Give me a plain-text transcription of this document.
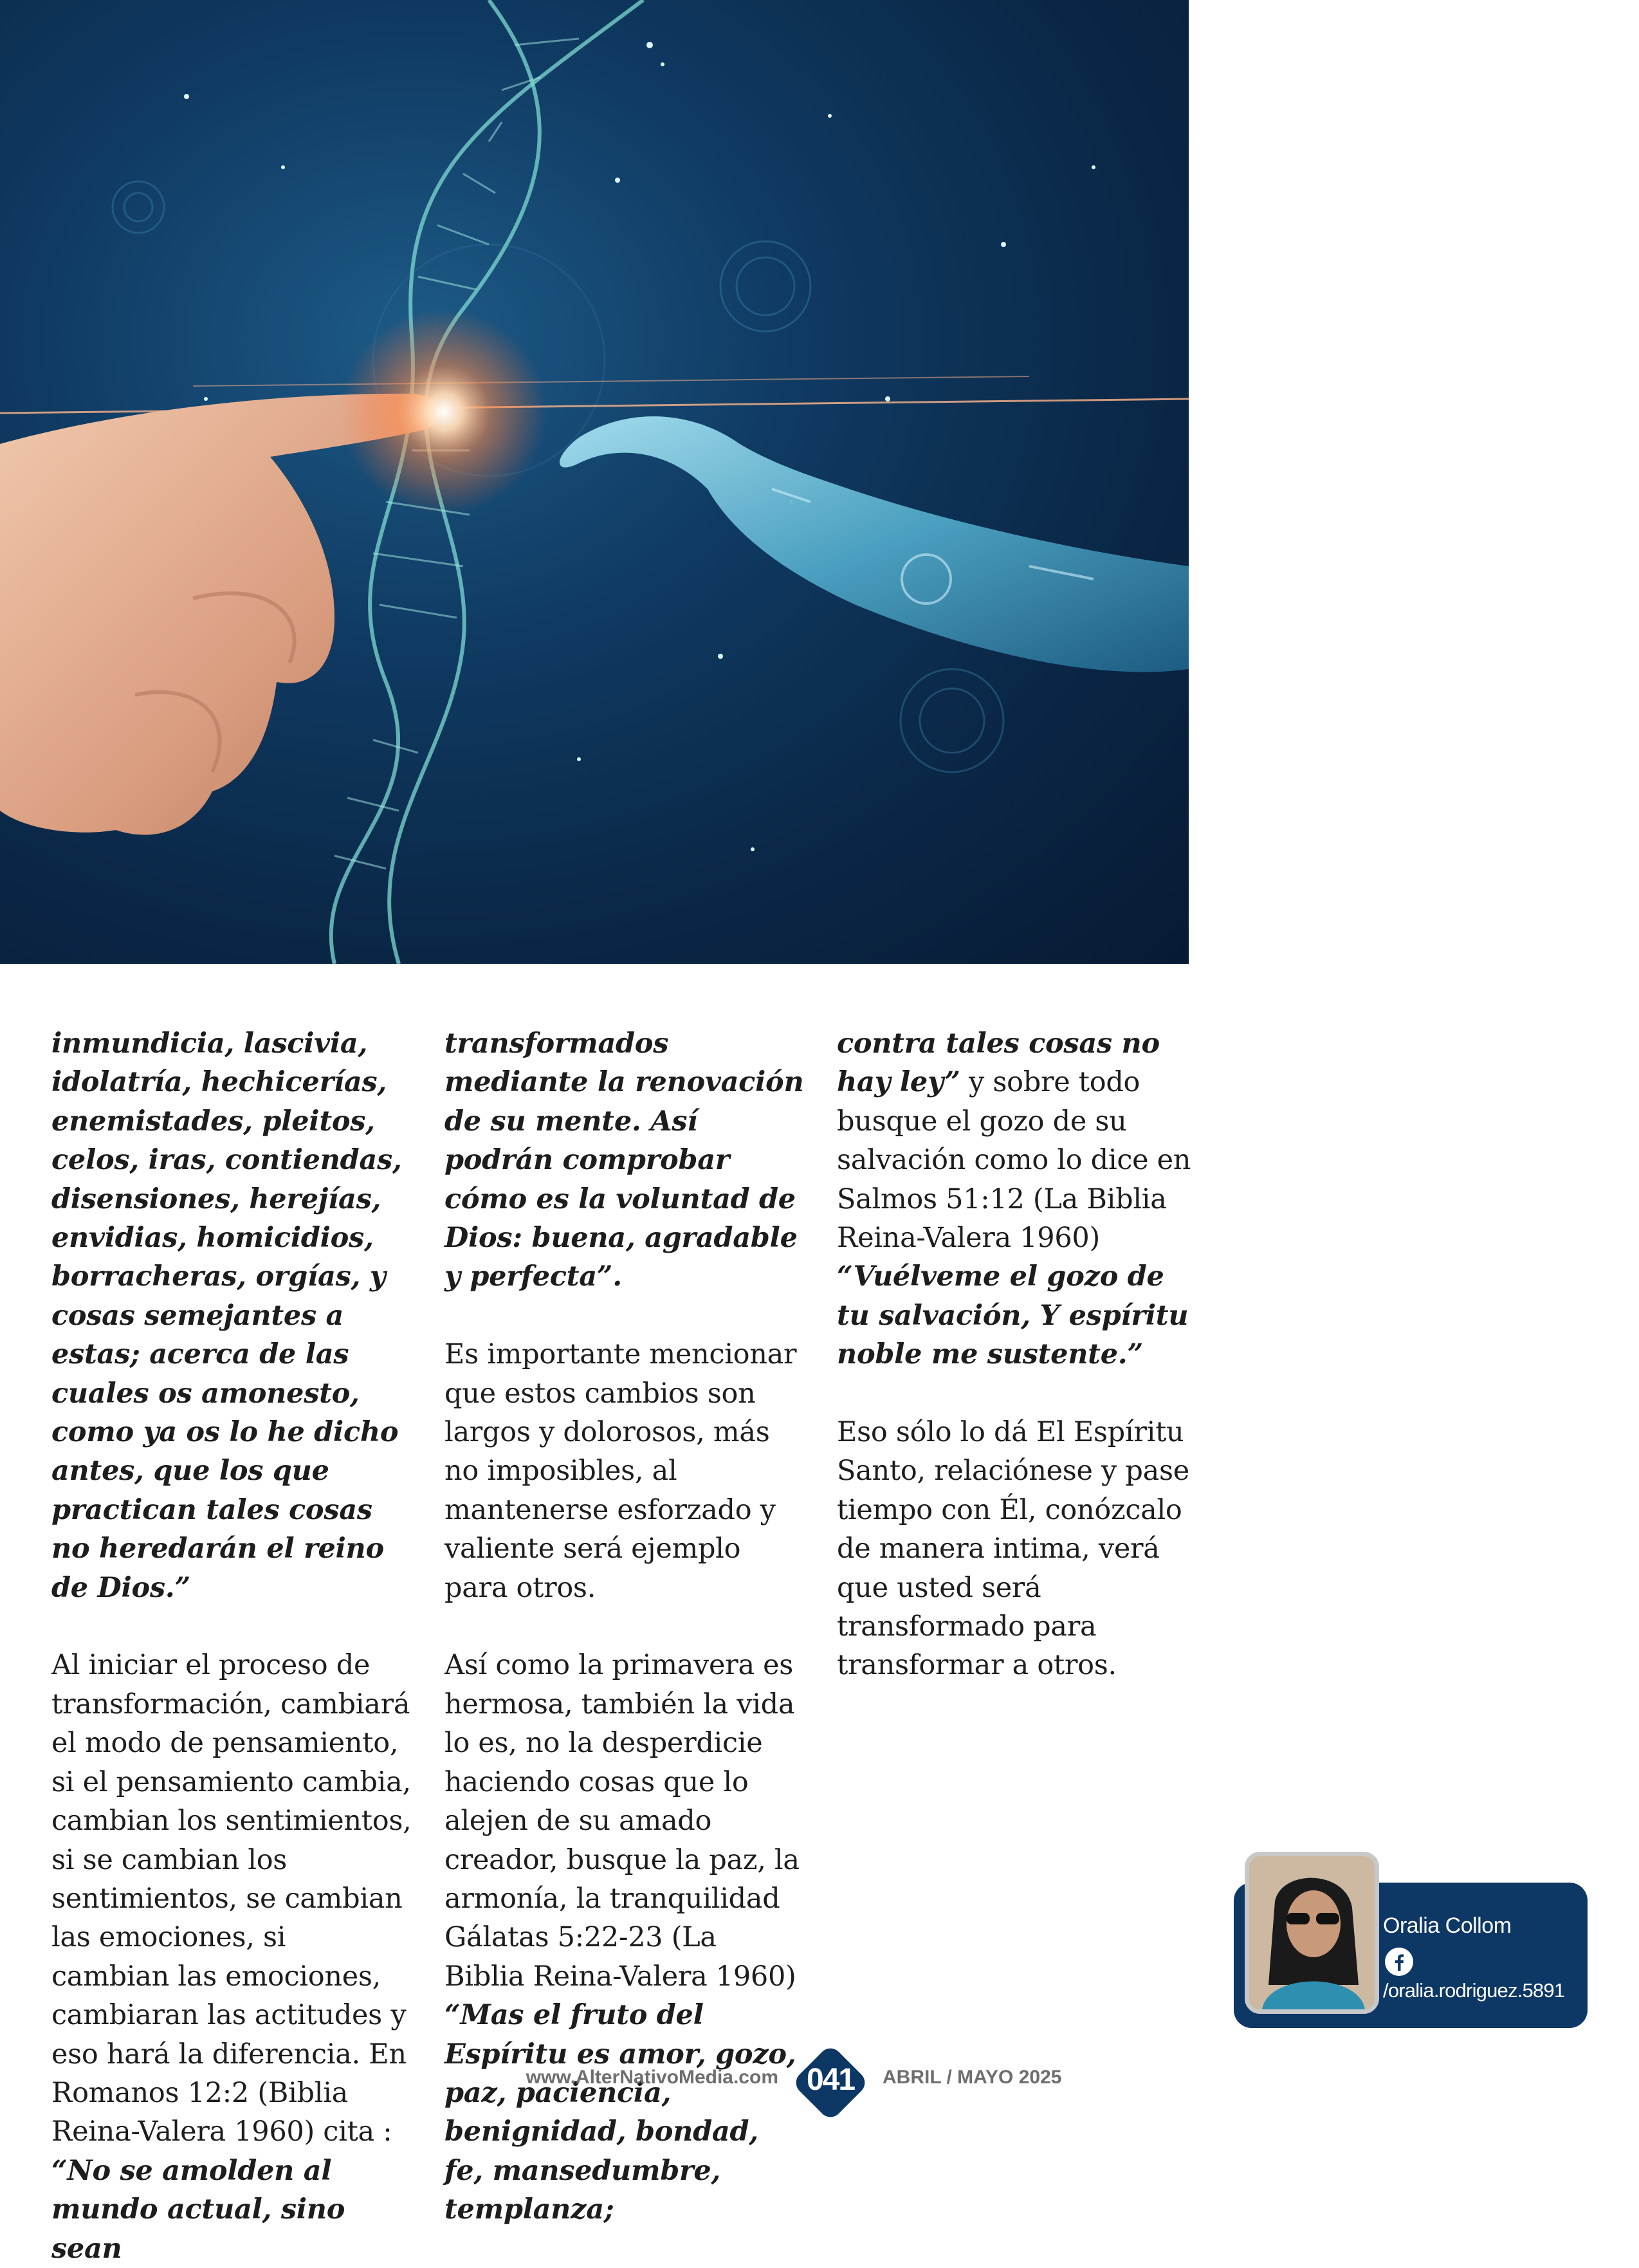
inmundicia, lascivia, idolatría, hechicerías, enemistades, pleitos, celos, iras, contiendas, disensiones, herejías, envidias, homicidios, borracheras, orgías, y cosas semejantes a estas; acerca de las cuales os amonesto, como ya os lo he dicho antes, que los que practican tales cosas no heredarán el reino de Dios.”

Al iniciar el proceso de transformación, cambiará el modo de pensamiento, si el pensamiento cambia, cambian los sentimientos, si se cambian los sentimientos, se cambian las emociones, si cambian las emociones, cambiaran las actitudes y eso hará la diferencia. En Romanos 12:2 (Biblia Reina-Valera 1960) cita : “No se amolden al mundo actual, sino sean

transformados mediante la renovación de su mente. Así podrán comprobar cómo es la voluntad de Dios: buena, agradable y perfecta”.

Es importante mencionar que estos cambios son largos y dolorosos, más no imposibles, al mantenerse esforzado y valiente será ejemplo para otros.

Así como la primavera es hermosa, también la vida lo es, no la desperdicie haciendo cosas que lo alejen de su amado creador, busque la paz, la armonía, la tranquilidad Gálatas 5:22-23 (La Biblia Reina-Valera 1960) “Mas el fruto del Espíritu es amor, gozo, paz, paciencia, benignidad, bondad, fe, mansedumbre, templanza;

contra tales cosas no hay ley” y sobre todo busque el gozo de su salvación como lo dice en Salmos 51:12 (La Biblia Reina-Valera 1960) “Vuélveme el gozo de tu salvación, Y espíritu noble me sustente.”

Eso sólo lo dá El Espíritu Santo, relaciónese y pase tiempo con Él, conózcalo de manera intima, verá que usted será transformado para transformar a otros.

Oralia Collom
/oralia.rodriguez.5891
www.AlterNativoMedia.com 041	ABRIL / MAYO 2025
